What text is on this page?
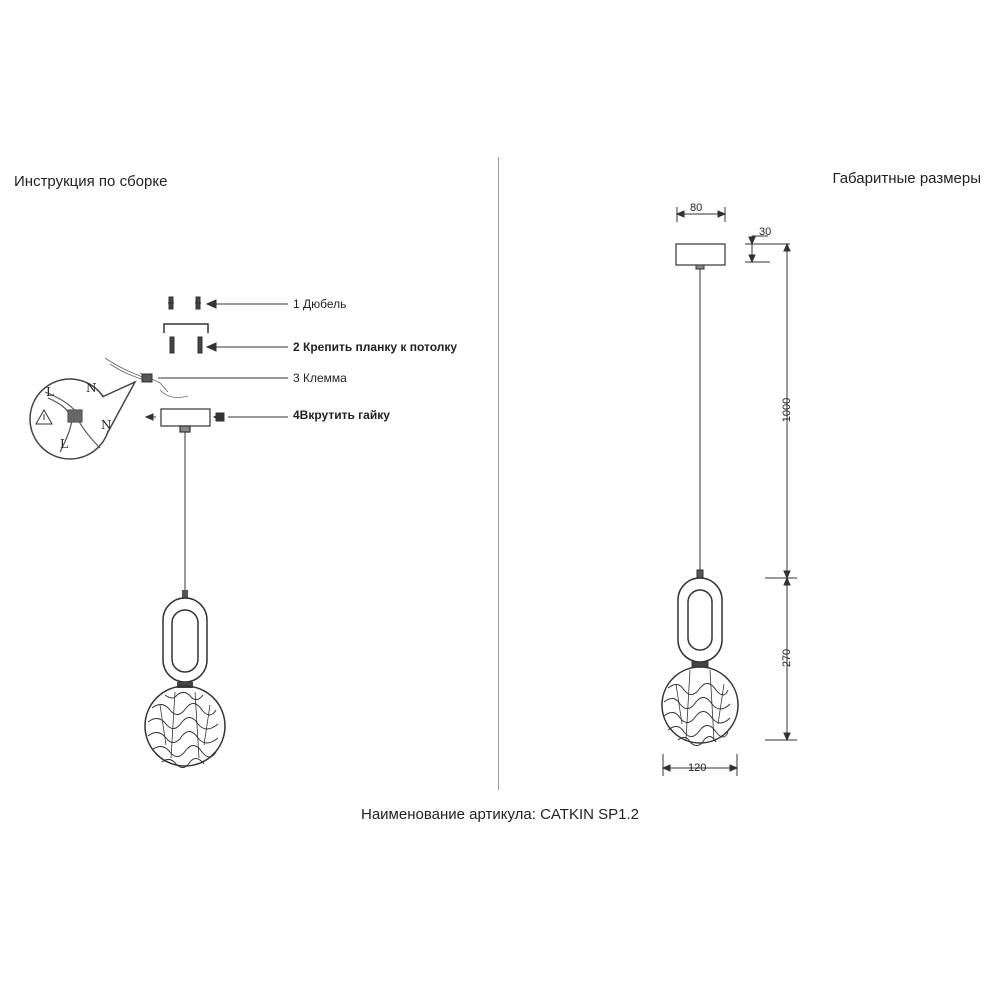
Инструкция по сборке	Габаритные размеры
1 Дюбель
2 Крепить планку к потолку
3 Клемма
4Вкрутить гайку
L	N
N
L
80
30
1000
270
120
Наименование артикула: CATKIN SP1.2
